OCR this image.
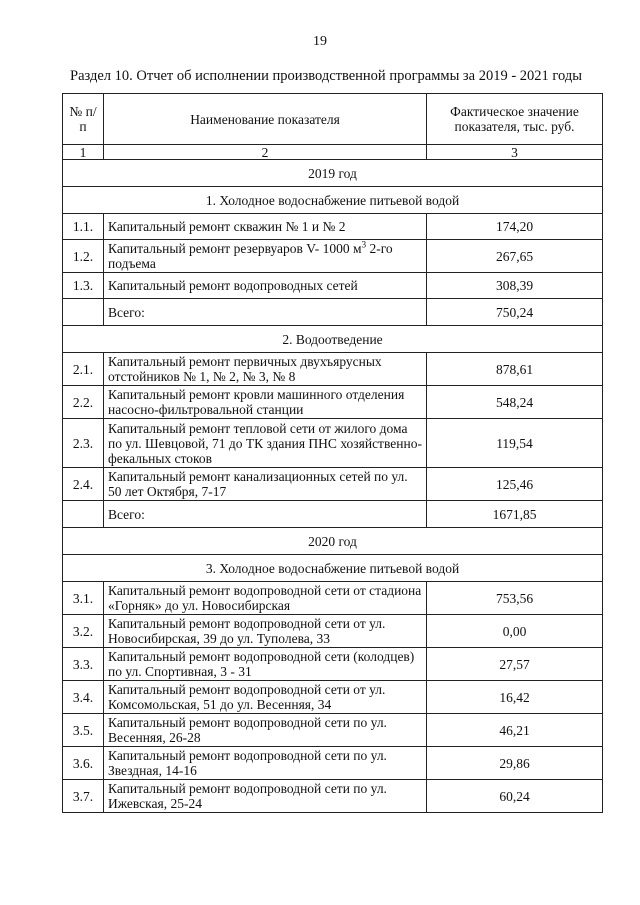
19
Раздел 10. Отчет об исполнении производственной программы за 2019 - 2021 годы
№ п/п	Наименование показателя	Фактическое значение показателя, тыс. руб.
1	2	3
2019 год		
1. Холодное водоснабжение питьевой водой		
1.1.	Капитальный ремонт скважин № 1 и № 2	174,20
1.2.	Капитальный ремонт резервуаров V- 1000 $м^3$ 2-го подъема	267,65
1.3.	Капитальный ремонт водопроводных сетей	308,39
	Всего:	750,24
2. Водоотведение		
2.1.	Капитальный ремонт первичных двухъярусных отстойников № 1, № 2, № 3, № 8	878,61
2.2.	Капитальный ремонт кровли машинного отделения насосно-фильтровальной станции	548,24
2.3.	Капитальный ремонт тепловой сети от жилого дома по ул. Шевцовой, 71 до ТК здания ПНС хозяйственно-фекальных стоков	119,54
2.4.	Капитальный ремонт канализационных сетей по ул. 50 лет Октября, 7-17	125,46
	Всего:	1671,85
2020 год		
3. Холодное водоснабжение питьевой водой		
3.1.	Капитальный ремонт водопроводной сети от стадиона «Горняк» до ул. Новосибирская	753,56
3.2.	Капитальный ремонт водопроводной сети от ул. Новосибирская, 39 до ул. Туполева, 33	0,00
3.3.	Капитальный ремонт водопроводной сети (колодцев) по ул. Спортивная, 3 - 31	27,57
3.4.	Капитальный ремонт водопроводной сети от ул. Комсомольская, 51 до ул. Весенняя, 34	16,42
3.5.	Капитальный ремонт водопроводной сети по ул. Весенняя, 26-28	46,21
3.6.	Капитальный ремонт водопроводной сети по ул. Звездная, 14-16	29,86
3.7.	Капитальный ремонт водопроводной сети по ул. Ижевская, 25-24	60,24
